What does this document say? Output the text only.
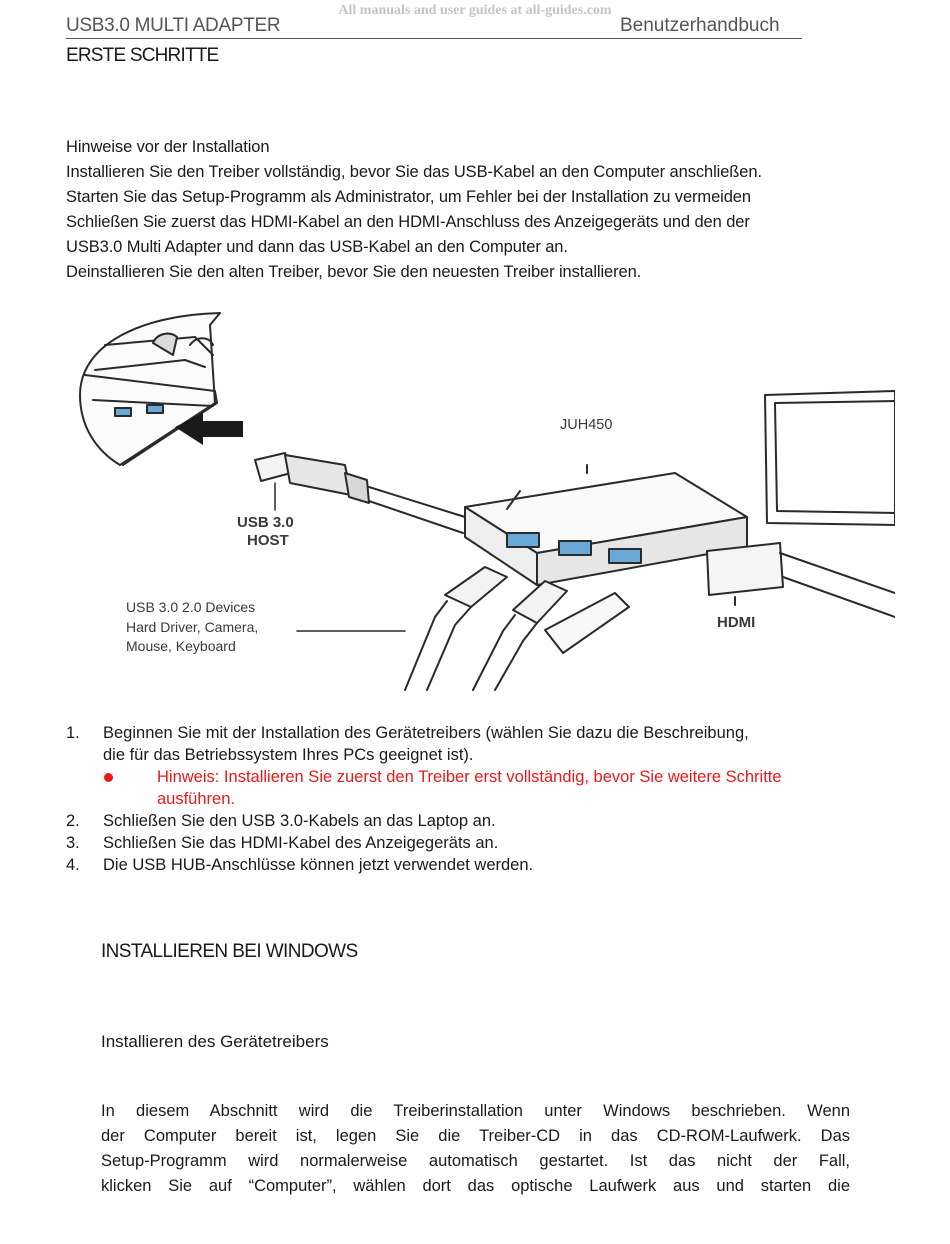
All manuals and user guides at all-guides.com
USB3.0 MULTI ADAPTER	Benutzerhandbuch
ERSTE SCHRITTE

Hinweise vor der Installation

Installieren Sie den Treiber vollständig, bevor Sie das USB-Kabel an den Computer anschließen.

Starten Sie das Setup-Programm als Administrator, um Fehler bei der Installation zu vermeiden

Schließen Sie zuerst das HDMI-Kabel an den HDMI-Anschluss des Anzeigegeräts und den der

USB3.0 Multi Adapter und dann das USB-Kabel an den Computer an.

Deinstallieren Sie den alten Treiber, bevor Sie den neuesten Treiber installieren.

JUH450
USB 3.0
HOST
USB 3.0 2.0 Devices
Hard Driver, Camera,
Mouse, Keyboard
HDMI
1. Beginnen Sie mit der Installation des Gerätetreibers (wählen Sie dazu die Beschreibung,
die für das Betriebssystem Ihres PCs geeignet ist).
Hinweis: Installieren Sie zuerst den Treiber erst vollständig, bevor Sie weitere Schritte
ausführen.
2. Schließen Sie den USB 3.0-Kabels an das Laptop an.
3. Schließen Sie das HDMI-Kabel des Anzeigegeräts an.
4. Die USB HUB-Anschlüsse können jetzt verwendet werden.
INSTALLIEREN BEI WINDOWS
Installieren des Gerätetreibers
In diesem Abschnitt wird die Treiberinstallation unter Windows beschrieben. Wenn
der Computer bereit ist, legen Sie die Treiber-CD in das CD-ROM-Laufwerk. Das
Setup-Programm wird normalerweise automatisch gestartet. Ist das nicht der Fall,
klicken Sie auf “Computer”, wählen dort das optische Laufwerk aus und starten die
